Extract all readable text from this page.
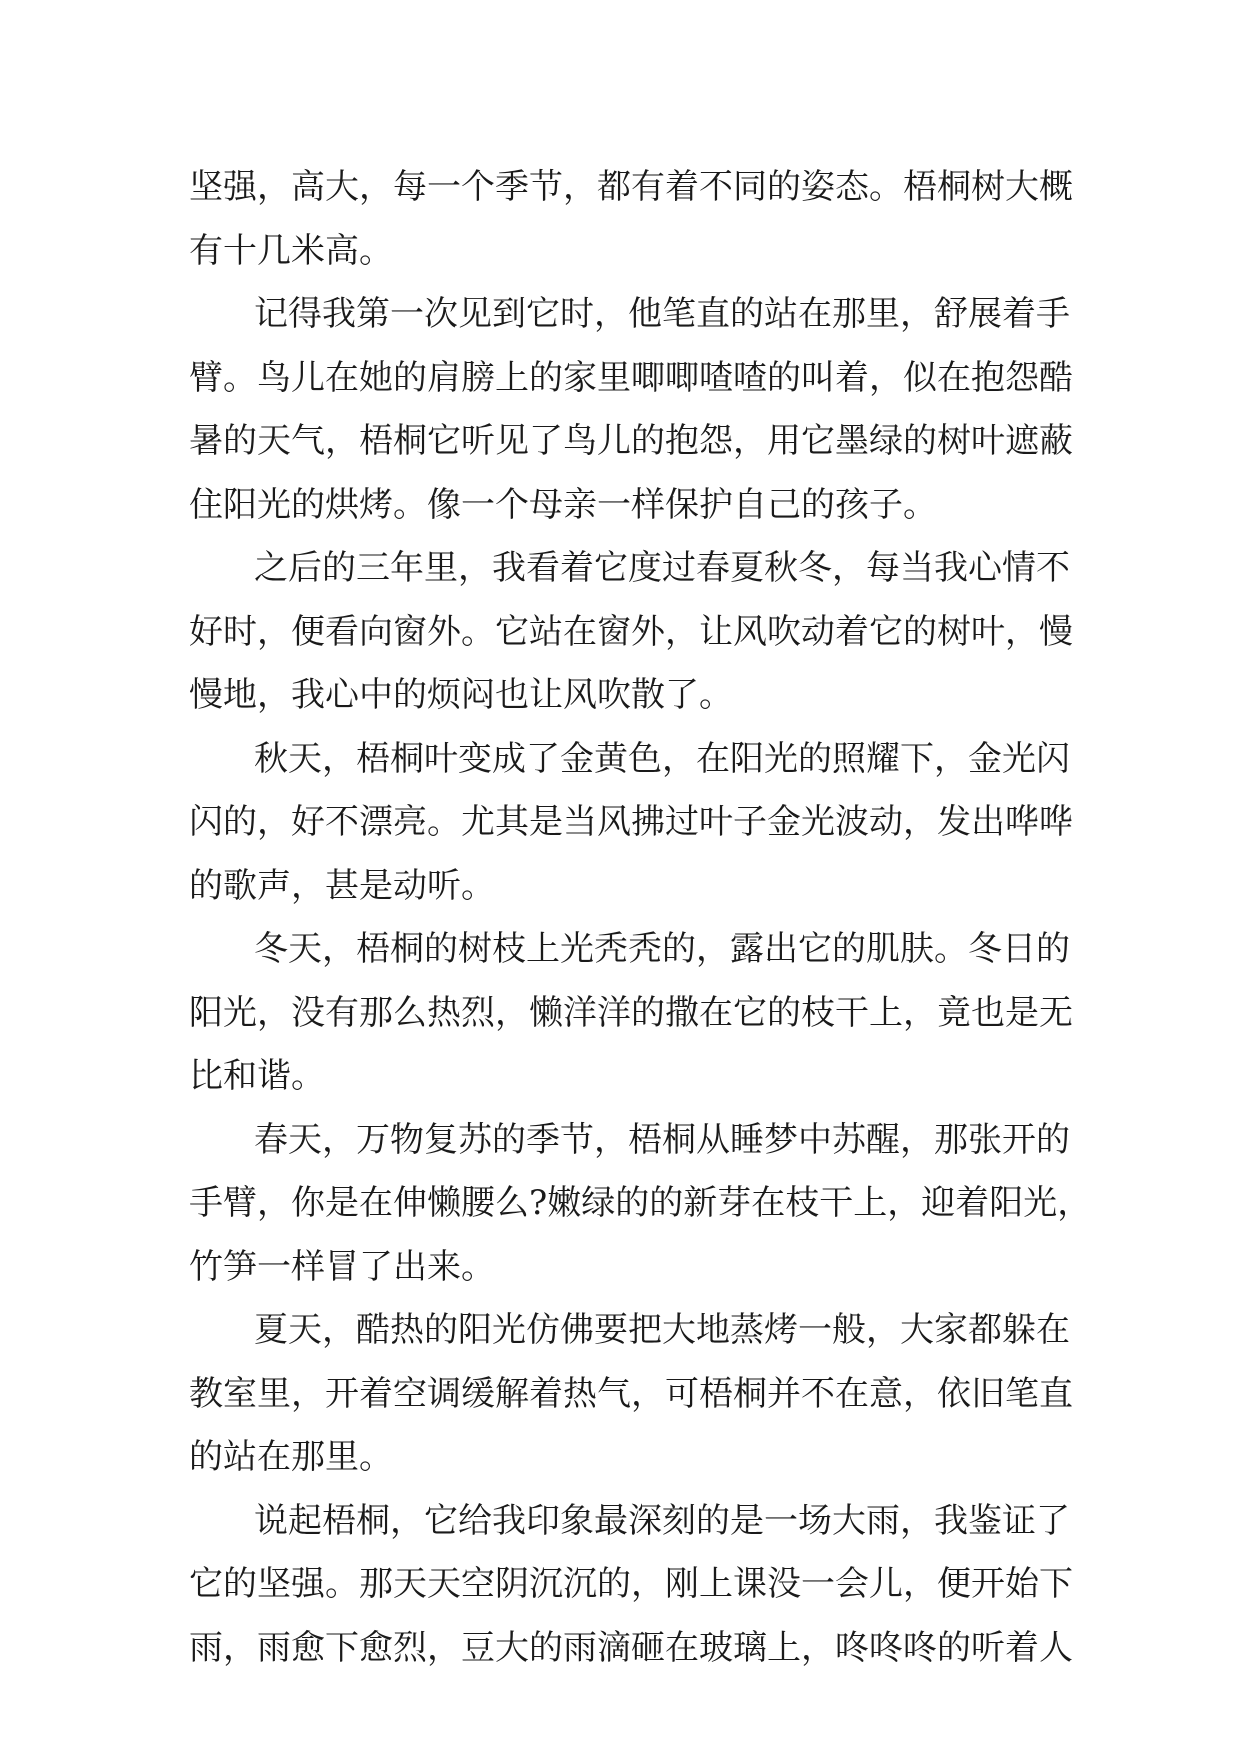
坚强，高大，每一个季节，都有着不同的姿态。梧桐树大概
有十几米高。
记得我第一次见到它时，他笔直的站在那里，舒展着手
臂。鸟儿在她的肩膀上的家里唧唧喳喳的叫着，似在抱怨酷
暑的天气，梧桐它听见了鸟儿的抱怨，用它墨绿的树叶遮蔽
住阳光的烘烤。像一个母亲一样保护自己的孩子。
之后的三年里，我看着它度过春夏秋冬，每当我心情不
好时，便看向窗外。它站在窗外，让风吹动着它的树叶，慢
慢地，我心中的烦闷也让风吹散了。
秋天，梧桐叶变成了金黄色，在阳光的照耀下，金光闪
闪的，好不漂亮。尤其是当风拂过叶子金光波动，发出哗哗
的歌声，甚是动听。
冬天，梧桐的树枝上光秃秃的，露出它的肌肤。冬日的
阳光，没有那么热烈，懒洋洋的撒在它的枝干上，竟也是无
比和谐。
春天，万物复苏的季节，梧桐从睡梦中苏醒，那张开的
手臂，你是在伸懒腰么?嫩绿的的新芽在枝干上，迎着阳光，
竹笋一样冒了出来。
夏天，酷热的阳光仿佛要把大地蒸烤一般，大家都躲在
教室里，开着空调缓解着热气，可梧桐并不在意，依旧笔直
的站在那里。
说起梧桐，它给我印象最深刻的是一场大雨，我鉴证了
它的坚强。那天天空阴沉沉的，刚上课没一会儿，便开始下
雨，雨愈下愈烈，豆大的雨滴砸在玻璃上，咚咚咚的听着人
